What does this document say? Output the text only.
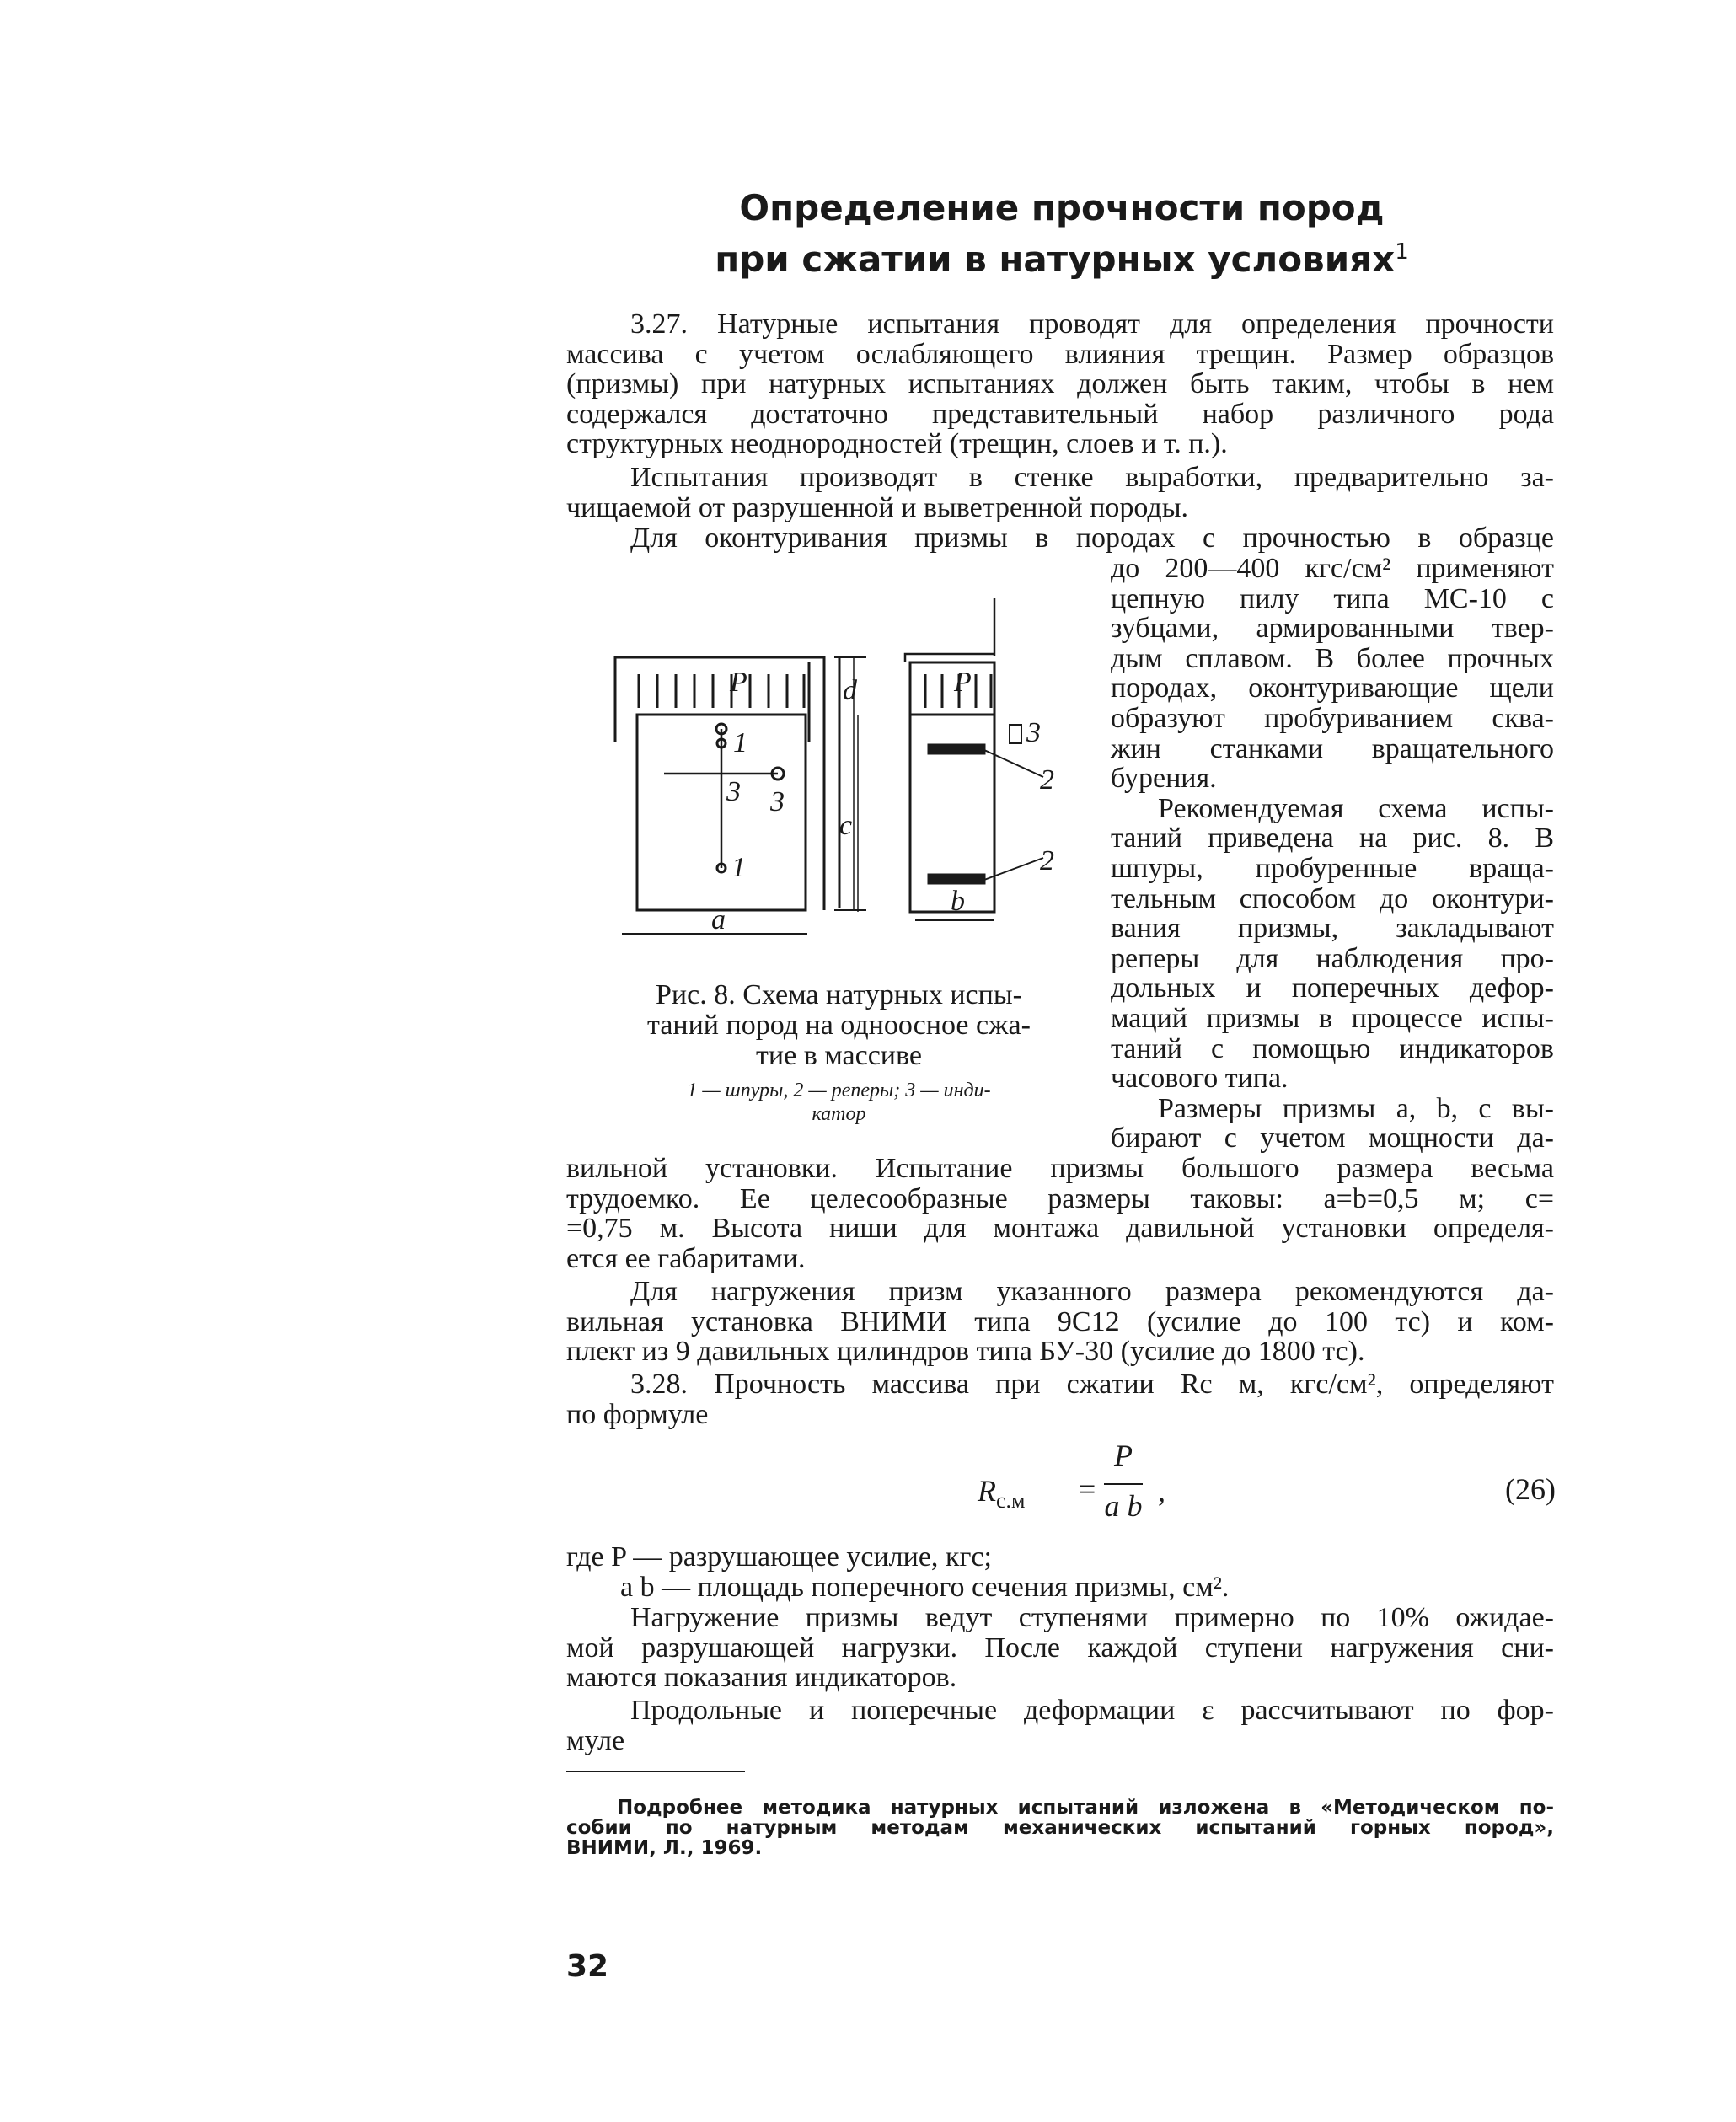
Определение прочности пород
при сжатии в натурных условиях$^1$
3.27. Натурные испытания проводят для определения прочности
массива с учетом ослабляющего влияния трещин. Размер образцов
(призмы) при натурных испытаниях должен быть таким, чтобы в нем
содержался достаточно представительный набор различного рода
структурных неоднородностей (трещин, слоев и т. п.).
Испытания производят в стенке выработки, предварительно за-
чищаемой от разрушенной и выветренной породы.
Для оконтуривания призмы в породах с прочностью в образце
до 200—400 кгс/см² применяют
цепную пилу типа МС-10 с
зубцами, армированными твер-
дым сплавом. В более прочных
породах, оконтуривающие щели
образуют пробуриванием сква-
жин станками вращательного
бурения.
Рекомендуемая схема испы-
таний приведена на рис. 8. В
шпуры, пробуренные враща-
тельным способом до оконтури-
вания призмы, закладывают
реперы для наблюдения про-
дольных и поперечных дефор-
маций призмы в процессе испы-
таний с помощью индикаторов
часового типа.
Размеры призмы a, b, c вы-
бирают с учетом мощности да-
P	P
d
c
a
b
1
1
3
3
3
2
2
Рис. 8. Схема натурных испы-
таний пород на одноосное сжа-
тие в массиве
1 — шпуры, 2 — реперы; 3 — инди-
катор
вильной установки. Испытание призмы большого размера весьма
трудоемко. Ее целесообразные размеры таковы: a=b=0,5 м; c=
=0,75 м. Высота ниши для монтажа давильной установки определя-
ется ее габаритами.
Для нагружения призм указанного размера рекомендуются да-
вильная установка ВНИМИ типа 9С12 (усилие до 100 тс) и ком-
плект из 9 давильных цилиндров типа БУ-30 (усилие до 1800 тс).
3.28. Прочность массива при сжатии Rс м, кгс/см², определяют
по формуле
$R_{с.м}$ =
P
a b ,	(26)
где P — разрушающее усилие, кгс;
a b — площадь поперечного сечения призмы, см².
Нагружение призмы ведут ступенями примерно по 10% ожидае-
мой разрушающей нагрузки. После каждой ступени нагружения сни-
маются показания индикаторов.
Продольные и поперечные деформации ε рассчитывают по фор-
муле
Подробнее методика натурных испытаний изложена в «Методическом по-
собии по натурным методам механических испытаний горных пород»,
ВНИМИ, Л., 1969.
32
